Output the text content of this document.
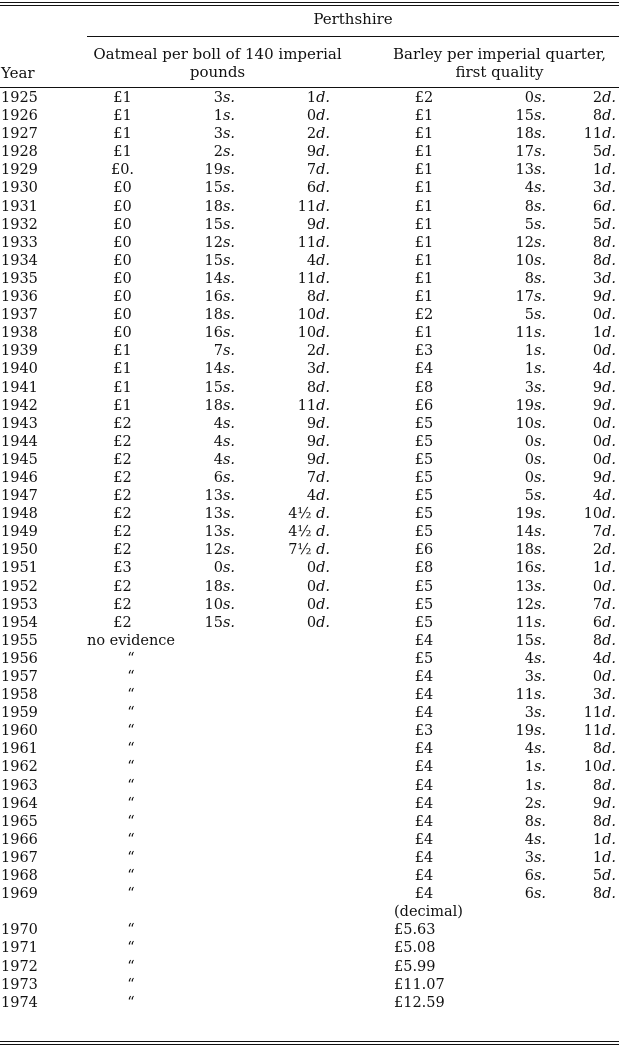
Perthshire
Oatmeal per boll of 140 imperial pounds
Barley per imperial quarter, first quality
Year
1925	£1	3s.	1d.	£2	0s.	2d.
1926	£1	1s.	0d.	£1	15s.	8d.
1927	£1	3s.	2d.	£1	18s.	11d.
1928	£1	2s.	9d.	£1	17s.	5d.
1929	£0.	19s.	7d.	£1	13s.	1d.
1930	£0	15s.	6d.	£1	4s.	3d.
1931	£0	18s.	11d.	£1	8s.	6d.
1932	£0	15s.	9d.	£1	5s.	5d.
1933	£0	12s.	11d.	£1	12s.	8d.
1934	£0	15s.	4d.	£1	10s.	8d.
1935	£0	14s.	11d.	£1	8s.	3d.
1936	£0	16s.	8d.	£1	17s.	9d.
1937	£0	18s.	10d.	£2	5s.	0d.
1938	£0	16s.	10d.	£1	11s.	1d.
1939	£1	7s.	2d.	£3	1s.	0d.
1940	£1	14s.	3d.	£4	1s.	4d.
1941	£1	15s.	8d.	£8	3s.	9d.
1942	£1	18s.	11d.	£6	19s.	9d.
1943	£2	4s.	9d.	£5	10s.	0d.
1944	£2	4s.	9d.	£5	0s.	0d.
1945	£2	4s.	9d.	£5	0s.	0d.
1946	£2	6s.	7d.	£5	0s.	9d.
1947	£2	13s.	4d.	£5	5s.	4d.
1948	£2	13s.	4½ d.	£5	19s.	10d.
1949	£2	13s.	4½ d.	£5	14s.	7d.
1950	£2	12s.	7½ d.	£6	18s.	2d.
1951	£3	0s.	0d.	£8	16s.	1d.
1952	£2	18s.	0d.	£5	13s.	0d.
1953	£2	10s.	0d.	£5	12s.	7d.
1954	£2	15s.	0d.	£5	11s.	6d.
1955	no evidence	£4	15s.	8d.
1956	“	£5	4s.	4d.
1957	“	£4	3s.	0d.
1958	“	£4	11s.	3d.
1959	“	£4	3s.	11d.
1960	“	£3	19s.	11d.
1961	“	£4	4s.	8d.
1962	“	£4	1s.	10d.
1963	“	£4	1s.	8d.
1964	“	£4	2s.	9d.
1965	“	£4	8s.	8d.
1966	“	£4	4s.	1d.
1967	“	£4	3s.	1d.
1968	“	£4	6s.	5d.
1969	“	£4	6s.	8d.
(decimal)
1970	“	£5.63
1971	“	£5.08
1972	“	£5.99
1973	“	£11.07
1974	“	£12.59
